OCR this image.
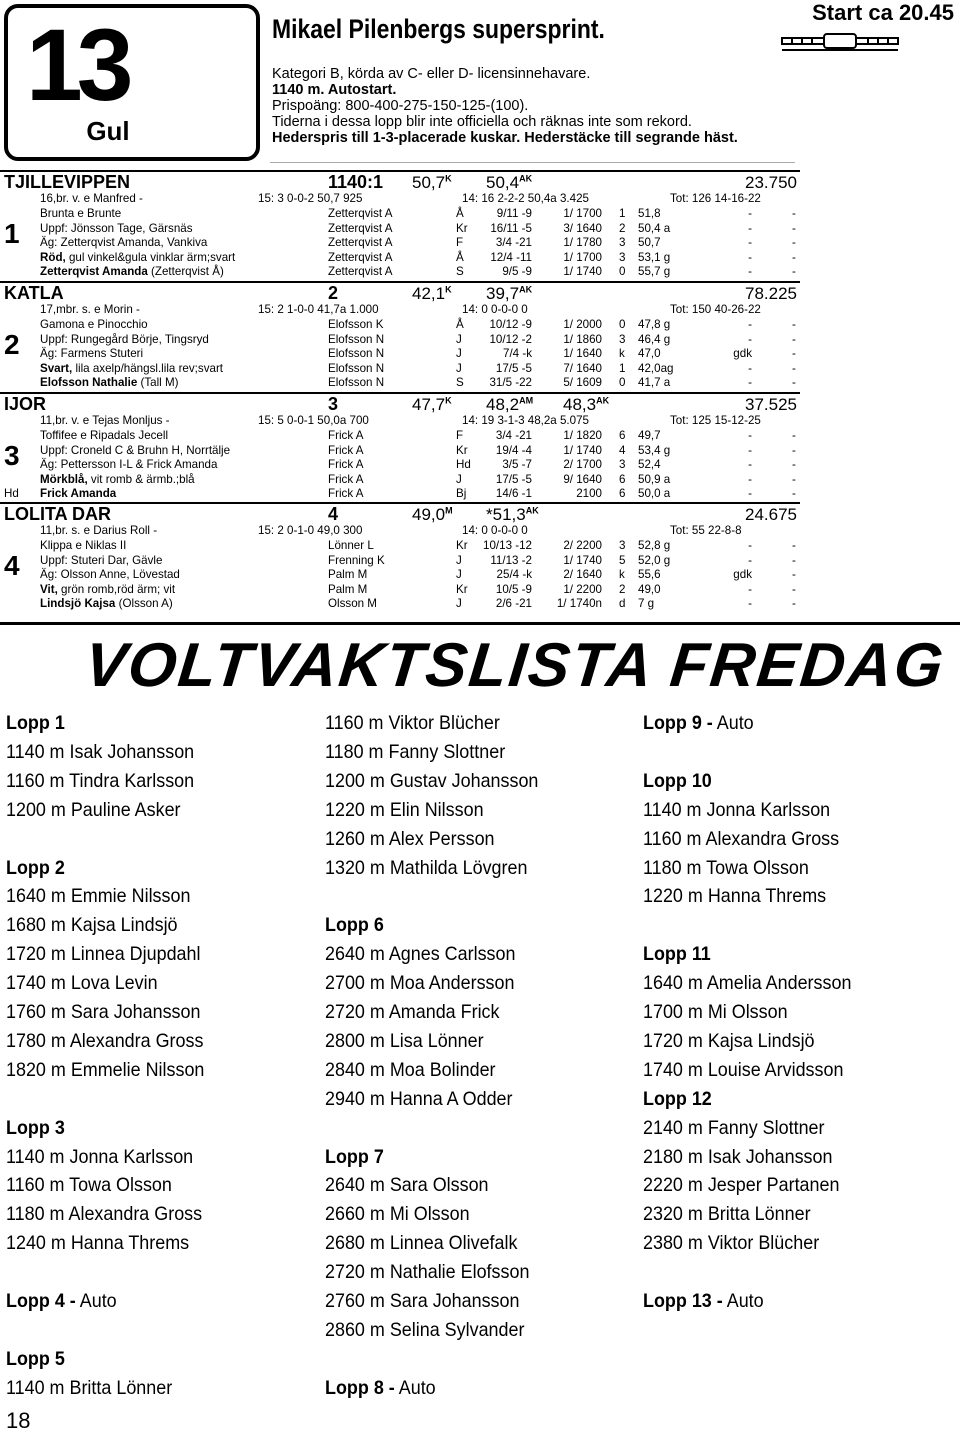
13
Gul
Mikael Pilenbergs supersprint.
Start ca 20.45
Kategori B, körda av C- eller D- licensinnehavare.
1140 m. Autostart.
Prispoäng: 800-400-275-150-125-(100).
Tiderna i dessa lopp blir inte officiella och räknas inte som rekord.
Hederspris till 1-3-placerade kuskar. Hederstäcke till segrande häst.
TJILLEVIPPEN	1140:1 $50,7^K$ $50,4^{AK}$	23.750
16,br. v. e Manfred -	15: 3 0-0-2 50,7 925	14: 16 2-2-2 50,4a 3.425	Tot: 126 14-16-22
1
Brunta e Brunte	Zetterqvist A	Å	9/11 -9	1/ 1700 1 51,8	-	-
Uppf: Jönsson Tage, Gärsnäs	Zetterqvist A	Kr	16/11 -5	3/ 1640 2 50,4 a	-	-
Äg: Zetterqvist Amanda, Vankiva	Zetterqvist A	F	3/4 -21	1/ 1780 3 50,7	-	-
Röd, gul vinkel&gula vinklar ärm;svart	Zetterqvist A	Å	12/4 -11	1/ 1700 3 53,1 g	-	-
Zetterqvist Amanda (Zetterqvist Å)	Zetterqvist A	S	9/5 -9	1/ 1740 0 55,7 g	-	-
KATLA	2	$42,1^K$ $39,7^{AK}$	78.225
17,mbr. s. e Morin -	15: 2 1-0-0 41,7a 1.000	14: 0 0-0-0 0	Tot: 150 40-26-22
2
Gamona e Pinocchio	Elofsson K	Å	10/12 -9	1/ 2000 0 47,8 g	-	-
Uppf: Rungegård Börje, Tingsryd	Elofsson N	J	10/12 -2	1/ 1860 3 46,4 g	-	-
Äg: Farmens Stuteri	Elofsson N	J	7/4 -k	1/ 1640 k 47,0	gdk	-
Svart, lila axelp/hängsl.lila rev;svart	Elofsson N	J	17/5 -5	7/ 1640 1 42,0ag	-	-
Elofsson Nathalie (Tall M)	Elofsson N	S	31/5 -22	5/ 1609 0 41,7 a	-	-
IJOR	3	$47,7^K$ $48,2^{AM}$ $48,3^{AK}$	37.525
11,br. v. e Tejas Monljus -	15: 5 0-0-1 50,0a 700	14: 19 3-1-3 48,2a 5.075	Tot: 125 15-12-25
3
Hd
Toffifee e Ripadals Jecell	Frick A	F	3/4 -21	1/ 1820 6 49,7	-	-
Uppf: Croneld C & Bruhn H, Norrtälje	Frick A	Kr	19/4 -4	1/ 1740 4 53,4 g	-	-
Äg: Pettersson I-L & Frick Amanda	Frick A	Hd	3/5 -7	2/ 1700 3 52,4	-	-
Mörkblå, vit romb & ärmb.;blå	Frick A	J	17/5 -5	9/ 1640 6 50,9 a	-	-
Frick Amanda	Frick A	Bj	14/6 -1	2100 6 50,0 a	-	-
LOLITA DAR	4	$49,0^M$ $*51,3^{AK}$	24.675
11,br. s. e Darius Roll -	15: 2 0-1-0 49,0 300	14: 0 0-0-0 0	Tot: 55 22-8-8
4
Klippa e Niklas II	Lönner L	Kr	10/13 -12	2/ 2200 3 52,8 g	-	-
Uppf: Stuteri Dar, Gävle	Frenning K	J	11/13 -2	1/ 1740 5 52,0 g	-	-
Äg: Olsson Anne, Lövestad	Palm M	J	25/4 -k	2/ 1640 k 55,6	gdk	-
Vit, grön romb,röd ärm; vit	Palm M	Kr	10/5 -9	1/ 2200 2 49,0	-	-
Lindsjö Kajsa (Olsson A)	Olsson M	J	2/6 -21	1/ 1740n d 7 g	-	-
VOLTVAKTSLISTA FREDAG
Lopp 1
1140 m Isak Johansson
1160 m Tindra Karlsson
1200 m Pauline Asker
Lopp 2
1640 m Emmie Nilsson
1680 m Kajsa Lindsjö
1720 m Linnea Djupdahl
1740 m Lova Levin
1760 m Sara Johansson
1780 m Alexandra Gross
1820 m Emmelie Nilsson
Lopp 3
1140 m Jonna Karlsson
1160 m Towa Olsson
1180 m Alexandra Gross
1240 m Hanna Threms
Lopp 4 - Auto
Lopp 5
1140 m Britta Lönner
1160 m Viktor Blücher
1180 m Fanny Slottner
1200 m Gustav Johansson
1220 m Elin Nilsson
1260 m Alex Persson
1320 m Mathilda Lövgren
Lopp 6
2640 m Agnes Carlsson
2700 m Moa Andersson
2720 m Amanda Frick
2800 m Lisa Lönner
2840 m Moa Bolinder
2940 m Hanna A Odder
Lopp 7
2640 m Sara Olsson
2660 m Mi Olsson
2680 m Linnea Olivefalk
2720 m Nathalie Elofsson
2760 m Sara Johansson
2860 m Selina Sylvander
Lopp 8 - Auto
Lopp 9 - Auto
Lopp 10
1140 m Jonna Karlsson
1160 m Alexandra Gross
1180 m Towa Olsson
1220 m Hanna Threms
Lopp 11
1640 m Amelia Andersson
1700 m Mi Olsson
1720 m Kajsa Lindsjö
1740 m Louise Arvidsson
Lopp 12
2140 m Fanny Slottner
2180 m Isak Johansson
2220 m Jesper Partanen
2320 m Britta Lönner
2380 m Viktor Blücher
Lopp 13 - Auto
18
